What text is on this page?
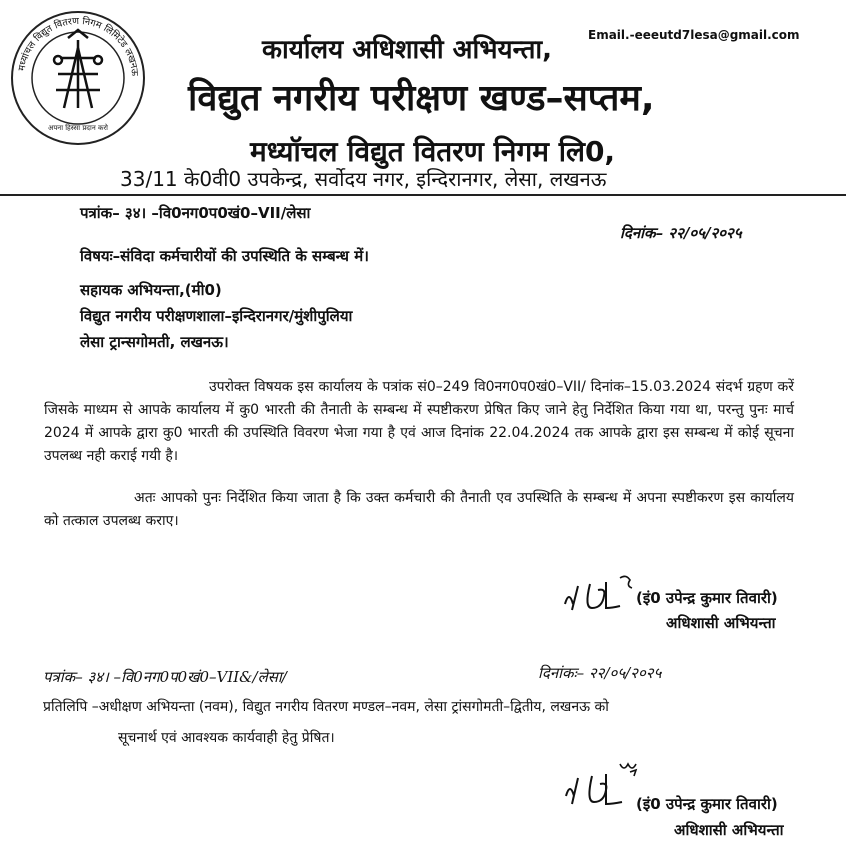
मध्यांचल विद्युत वितरण निगम लिमिटेड लखनऊ
अपना हिस्सा प्रदान करो
Email.-eeeutd7lesa@gmail.com
कार्यालय अधिशासी अभियन्ता,
विद्युत नगरीय परीक्षण खण्ड–सप्तम,
मध्यॉचल विद्युत वितरण निगम लि0,
33/11 के0वी0 उपकेन्द्र, सर्वोदय नगर, इन्दिरानगर, लेसा, लखनऊ
पत्रांक– ३४। –वि0नग0प0खं0–VII/लेसा
दिनांक– २२/०५/२०२५
विषयः–संविदा कर्मचारीयों की उपस्थिति के सम्बन्ध में।
सहायक अभियन्ता,(मी0)
विद्युत नगरीय परीक्षणशाला–इन्दिरानगर/मुंशीपुलिया
लेसा ट्रान्सगोमती, लखनऊ।
उपरोक्त विषयक इस कार्यालय के पत्रांक सं0–249 वि0नग0प0खं0–VII/ दिनांक–15.03.2024 संदर्भ ग्रहण करें जिसके माध्यम से आपके कार्यालय में कु0 भारती की तैनाती के सम्बन्ध में स्पष्टीकरण प्रेषित किए जाने हेतु निर्देशित किया गया था, परन्तु पुनः मार्च 2024 में आपके द्वारा कु0 भारती की उपस्थिति विवरण भेजा गया है एवं आज दिनांक 22.04.2024 तक आपके द्वारा इस सम्बन्ध में कोई सूचना उपलब्ध नही कराई गयी है।
अतः आपको पुनः निर्देशित किया जाता है कि उक्त कर्मचारी की तैनाती एव उपस्थिति के सम्बन्ध में अपना स्पष्टीकरण इस कार्यालय को तत्काल उपलब्ध कराए।
(इं0 उपेन्द्र कुमार तिवारी)
अधिशासी अभियन्ता
पत्रांक– ३४। –वि0नग0प0खं0–VII&/लेसा/	दिनांकः– २२/०५/२०२५
प्रतिलिपि –अधीक्षण अभियन्ता (नवम), विद्युत नगरीय वितरण मण्डल–नवम, लेसा ट्रांसगोमती–द्वितीय, लखनऊ को
सूचनार्थ एवं आवश्यक कार्यवाही हेतु प्रेषित।
(इं0 उपेन्द्र कुमार तिवारी)
अधिशासी अभियन्ता
